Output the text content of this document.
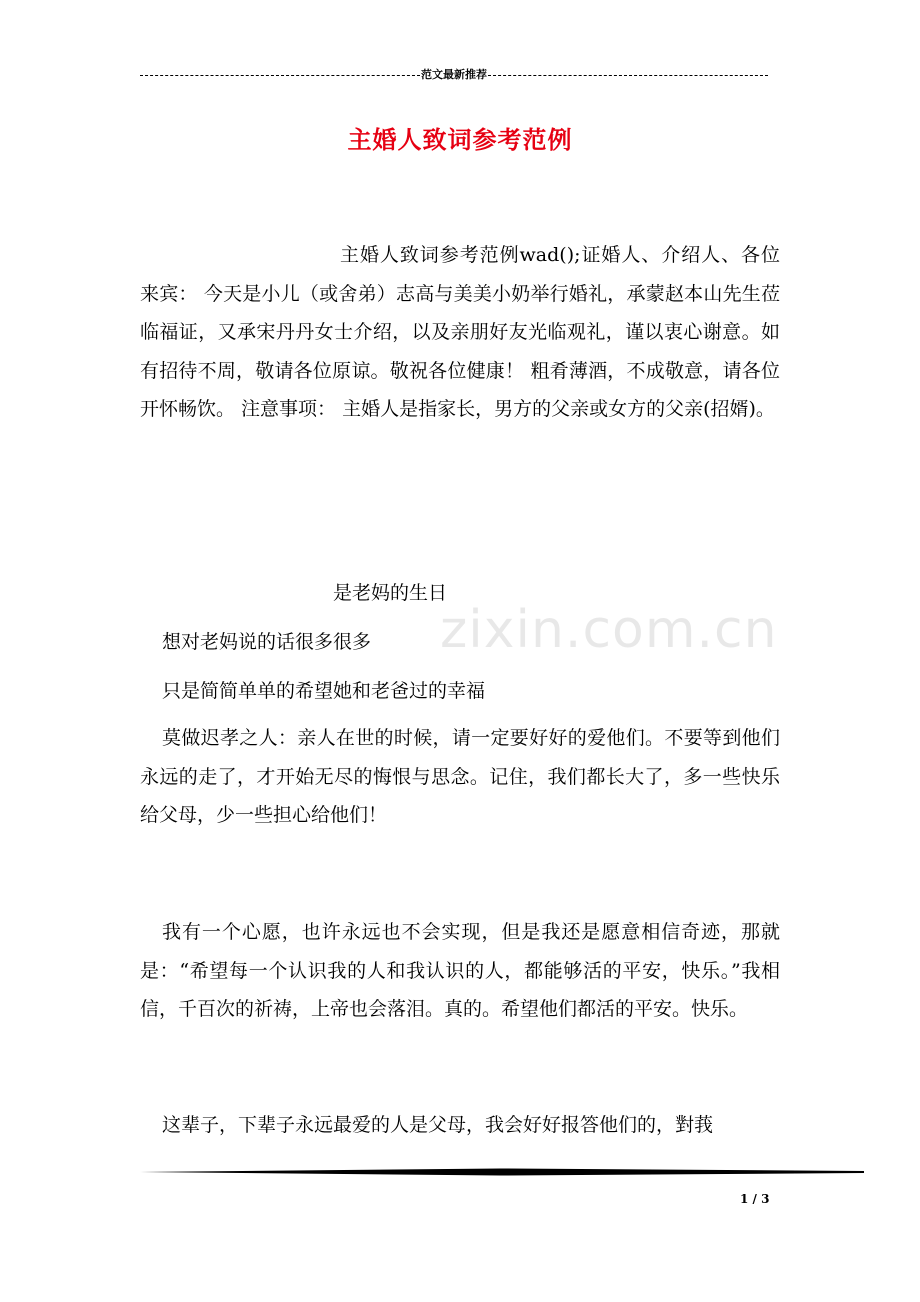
范文最新推荐
主婚人致词参考范例

主婚人致词参考范例wad();证婚人、介绍人、各位来宾： 今天是小儿（或舍弟）志高与美美小奶举行婚礼，承蒙赵本山先生莅临福证，又承宋丹丹女士介绍，以及亲朋好友光临观礼，谨以衷心谢意。如有招待不周，敬请各位原谅。敬祝各位健康！ 粗肴薄酒，不成敬意，请各位开怀畅饮。 注意事项： 主婚人是指家长，男方的父亲或女方的父亲(招婿)。

zixin.com.cn

是老妈的生日

想对老妈说的话很多很多

只是简简单单的希望她和老爸过的幸福

莫做迟孝之人：亲人在世的时候，请一定要好好的爱他们。不要等到他们永远的走了，才开始无尽的悔恨与思念。记住，我们都长大了，多一些快乐给父母，少一些担心给他们！

我有一个心愿，也许永远也不会实现，但是我还是愿意相信奇迹，那就是：“希望每一个认识我的人和我认识的人，都能够活的平安，快乐。”我相信，千百次的祈祷，上帝也会落泪。真的。希望他们都活的平安。快乐。

这辈子，下辈子永远最爱的人是父母，我会好好报答他们的，對莪

1 / 3
